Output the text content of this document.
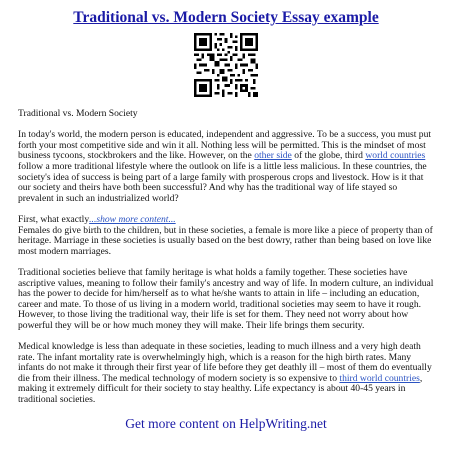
Traditional vs. Modern Society Essay example

Traditional vs. Modern Society

In today's world, the modern person is educated, independent and aggressive. To be a success, you must put forth your most competitive side and win it all. Nothing less will be permitted. This is the mindset of most business tycoons, stockbrokers and the like. However, on the other side of the globe, third world countries follow a more traditional lifestyle where the outlook on life is a little less malicious. In these countries, the society's idea of success is being part of a large family with prosperous crops and livestock. How is it that our society and theirs have both been successful? And why has the traditional way of life stayed so prevalent in such an industrialized world?

First, what exactly...show more content...
Females do give birth to the children, but in these societies, a female is more like a piece of property than of heritage. Marriage in these societies is usually based on the best dowry, rather than being based on love like most modern marriages.

Traditional societies believe that family heritage is what holds a family together. These societies have ascriptive values, meaning to follow their family's ancestry and way of life. In modern culture, an individual has the power to decide for him/herself as to what he/she wants to attain in life – including an education, career and mate. To those of us living in a modern world, traditional societies may seem to have it rough. However, to those living the traditional way, their life is set for them. They need not worry about how powerful they will be or how much money they will make. Their life brings them security.

Medical knowledge is less than adequate in these societies, leading to much illness and a very high death rate. The infant mortality rate is overwhelmingly high, which is a reason for the high birth rates. Many infants do not make it through their first year of life before they get deathly ill – most of them do eventually die from their illness. The medical technology of modern society is so expensive to third world countries, making it extremely difficult for their society to stay healthy. Life expectancy is about 40-45 years in traditional societies.

Get more content on HelpWriting.net
